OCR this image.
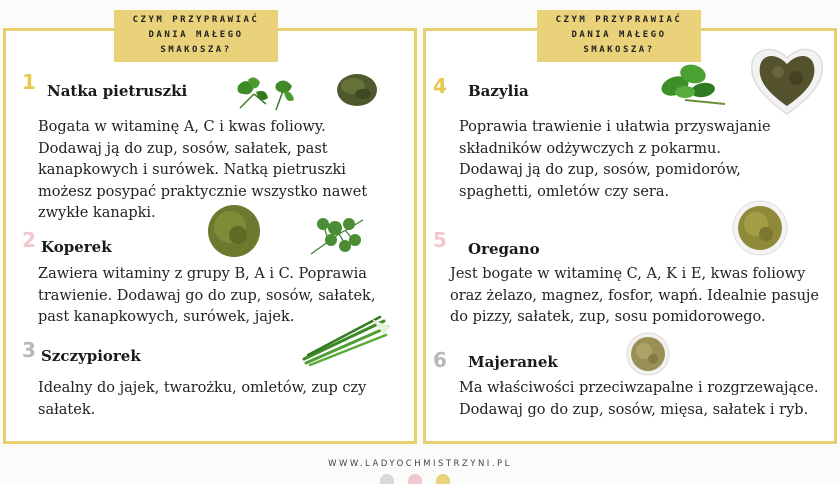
CZYM PRZYPRAWIAĆ
DANIA MAŁEGO
SMAKOSZA?
CZYM PRZYPRAWIAĆ
DANIA MAŁEGO
SMAKOSZA?
1 Natka pietruszki
Bogata w witaminę A, C i kwas foliowy.
Dodawaj ją do zup, sosów, sałatek, past
kanapkowych i surówek. Natką pietruszki
możesz posypać praktycznie wszystko nawet
zwykłe kanapki.
2 Koperek
Zawiera witaminy z grupy B, A i C. Poprawia
trawienie. Dodawaj go do zup, sosów, sałatek,
past kanapkowych, surówek, jajek.
3 Szczypiorek
Idealny do jajek, twarożku, omletów, zup czy
sałatek.
4 Bazylia
Poprawia trawienie i ułatwia przyswajanie
składników odżywczych z pokarmu.
Dodawaj ją do zup, sosów, pomidorów,
spaghetti, omletów czy sera.
5 Oregano
Jest bogate w witaminę C, A, K i E, kwas foliowy
oraz żelazo, magnez, fosfor, wapń. Idealnie pasuje
do pizzy, sałatek, zup, sosu pomidorowego.
6 Majeranek
Ma właściwości przeciwzapalne i rozgrzewające.
Dodawaj go do zup, sosów, mięsa, sałatek i ryb.
WWW.LADYOCHMISTRZYNI.PL
